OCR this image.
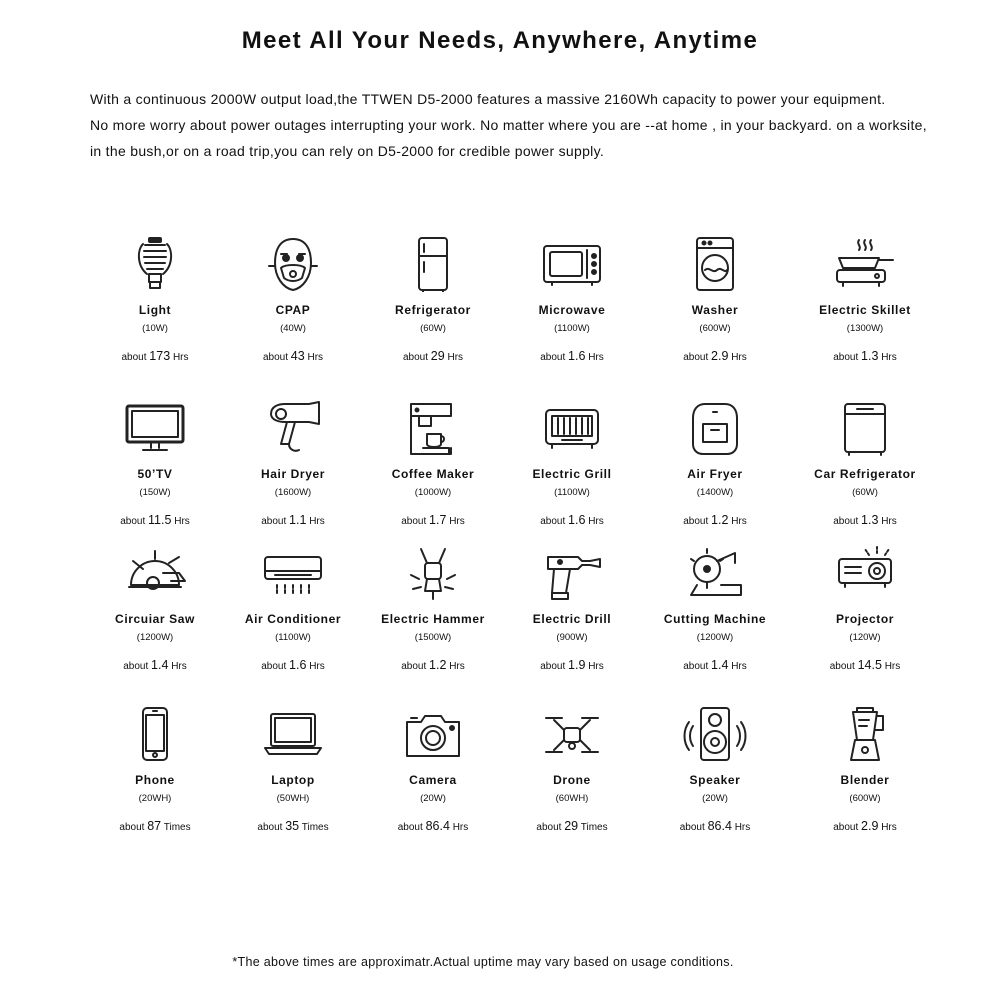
Meet All Your Needs, Anywhere, Anytime

With a continuous 2000W output load,the TTWEN D5-2000 features a massive 2160Wh capacity to power your equipment.

No more worry about power outages interrupting your work. No matter where you are --at home , in your backyard. on a worksite,

in the bush,or on a road trip,you can rely on D5-2000 for credible power supply.

Light
(10W)
about 173 Hrs
CPAP
(40W)
about 43 Hrs
Refrigerator
(60W)
about 29 Hrs
Microwave
(1100W)
about 1.6 Hrs
Washer
(600W)
about 2.9 Hrs
Electric Skillet
(1300W)
about 1.3 Hrs
50’TV
(150W)
about 11.5 Hrs
Hair Dryer
(1600W)
about 1.1 Hrs
Coffee Maker
(1000W)
about 1.7 Hrs
Electric Grill
(1100W)
about 1.6 Hrs
Air Fryer
(1400W)
about 1.2 Hrs
Car Refrigerator
(60W)
about 1.3 Hrs
Circuiar Saw
(1200W)
about 1.4 Hrs
Air Conditioner
(1100W)
about 1.6 Hrs
Electric Hammer
(1500W)
about 1.2 Hrs
Electric Drill
(900W)
about 1.9 Hrs
Cutting Machine
(1200W)
about 1.4 Hrs
Projector
(120W)
about 14.5 Hrs
Phone
(20WH)
about 87 Times
Laptop
(50WH)
about 35 Times
Camera
(20W)
about 86.4 Hrs
Drone
(60WH)
about 29 Times
Speaker
(20W)
about 86.4 Hrs
Blender
(600W)
about 2.9 Hrs
*The above times are approximatr.Actual uptime may vary based on usage conditions.
